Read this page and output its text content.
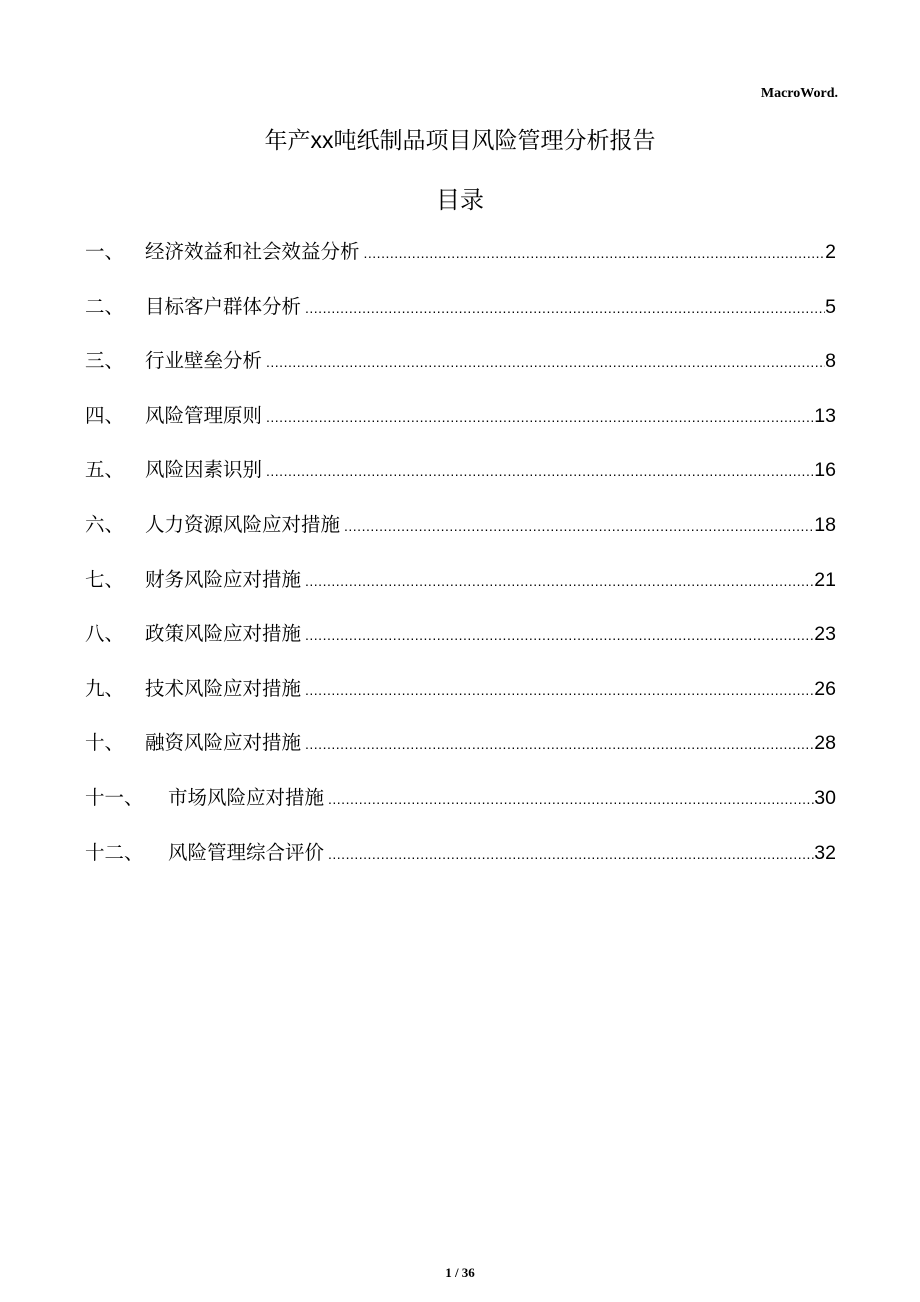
MacroWord.
年产xx吨纸制品项目风险管理分析报告
目录
一、	经济效益和社会效益分析 .....	2
二、	目标客户群体分析 .....	5
三、	行业壁垒分析 .....	8
四、	风险管理原则 .....	13
五、	风险因素识别 .....	16
六、	人力资源风险应对措施 .....	18
七、	财务风险应对措施 .....	21
八、	政策风险应对措施 .....	23
九、	技术风险应对措施 .....	26
十、	融资风险应对措施 .....	28
十一、	市场风险应对措施 .....	30
十二、	风险管理综合评价 .....	32
1 / 36
